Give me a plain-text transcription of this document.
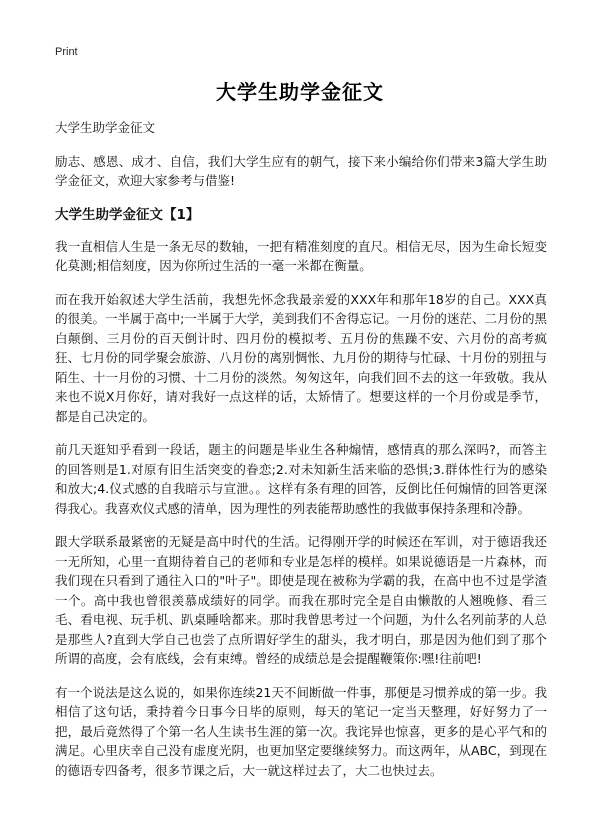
Print
大学生助学金征文

大学生助学金征文

励志、感恩、成才、自信，我们大学生应有的朝气，接下来小编给你们带来3篇大学生助学金征文，欢迎大家参考与借鉴!

大学生助学金征文【1】

我一直相信人生是一条无尽的数轴，一把有精准刻度的直尺。相信无尽，因为生命长短变化莫测;相信刻度，因为你所过生活的一毫一米都在衡量。

而在我开始叙述大学生活前，我想先怀念我最亲爱的XXX年和那年18岁的自己。XXX真的很美。一半属于高中;一半属于大学，美到我们不舍得忘记。一月份的迷茫、二月份的黑白颠倒、三月份的百天倒计时、四月份的模拟考、五月份的焦躁不安、六月份的高考疯狂、七月份的同学聚会旅游、八月份的离别惆怅、九月份的期待与忙碌、十月份的别扭与陌生、十一月份的习惯、十二月份的淡然。匆匆这年，向我们回不去的这一年致敬。我从来也不说X月你好，请对我好一点这样的话，太矫情了。想要这样的一个月份或是季节，都是自己决定的。

前几天逛知乎看到一段话，题主的问题是毕业生各种煽情，感情真的那么深吗?，而答主的回答则是1.对原有旧生活突变的眷恋;2.对未知新生活来临的恐惧;3.群体性行为的感染和放大;4.仪式感的自我暗示与宣泄。。这样有条有理的回答，反倒比任何煽情的回答更深得我心。我喜欢仪式感的清单，因为理性的列表能帮助感性的我做事保持条理和冷静。

跟大学联系最紧密的无疑是高中时代的生活。记得刚开学的时候还在军训，对于德语我还一无所知，心里一直期待着自己的老师和专业是怎样的模样。如果说德语是一片森林，而我们现在只看到了通往入口的"叶子"。即使是现在被称为学霸的我，在高中也不过是学渣一个。高中我也曾很羡慕成绩好的同学。而我在那时完全是自由懒散的人翘晚修、看三毛、看电视、玩手机、趴桌睡啥都来。那时我曾思考过一个问题，为什么名列前茅的人总是那些人?直到大学自己也尝了点所谓好学生的甜头，我才明白，那是因为他们到了那个所谓的高度，会有底线，会有束缚。曾经的成绩总是会提醒鞭策你:嘿!往前吧!

有一个说法是这么说的，如果你连续21天不间断做一件事，那便是习惯养成的第一步。我相信了这句话，秉持着今日事今日毕的原则，每天的笔记一定当天整理，好好努力了一把，最后竟然得了个第一名人生读书生涯的第一次。我诧异也惊喜，更多的是心平气和的满足。心里庆幸自己没有虚度光阴，也更加坚定要继续努力。而这两年，从ABC，到现在的德语专四备考，很多节课之后，大一就这样过去了，大二也快过去。
